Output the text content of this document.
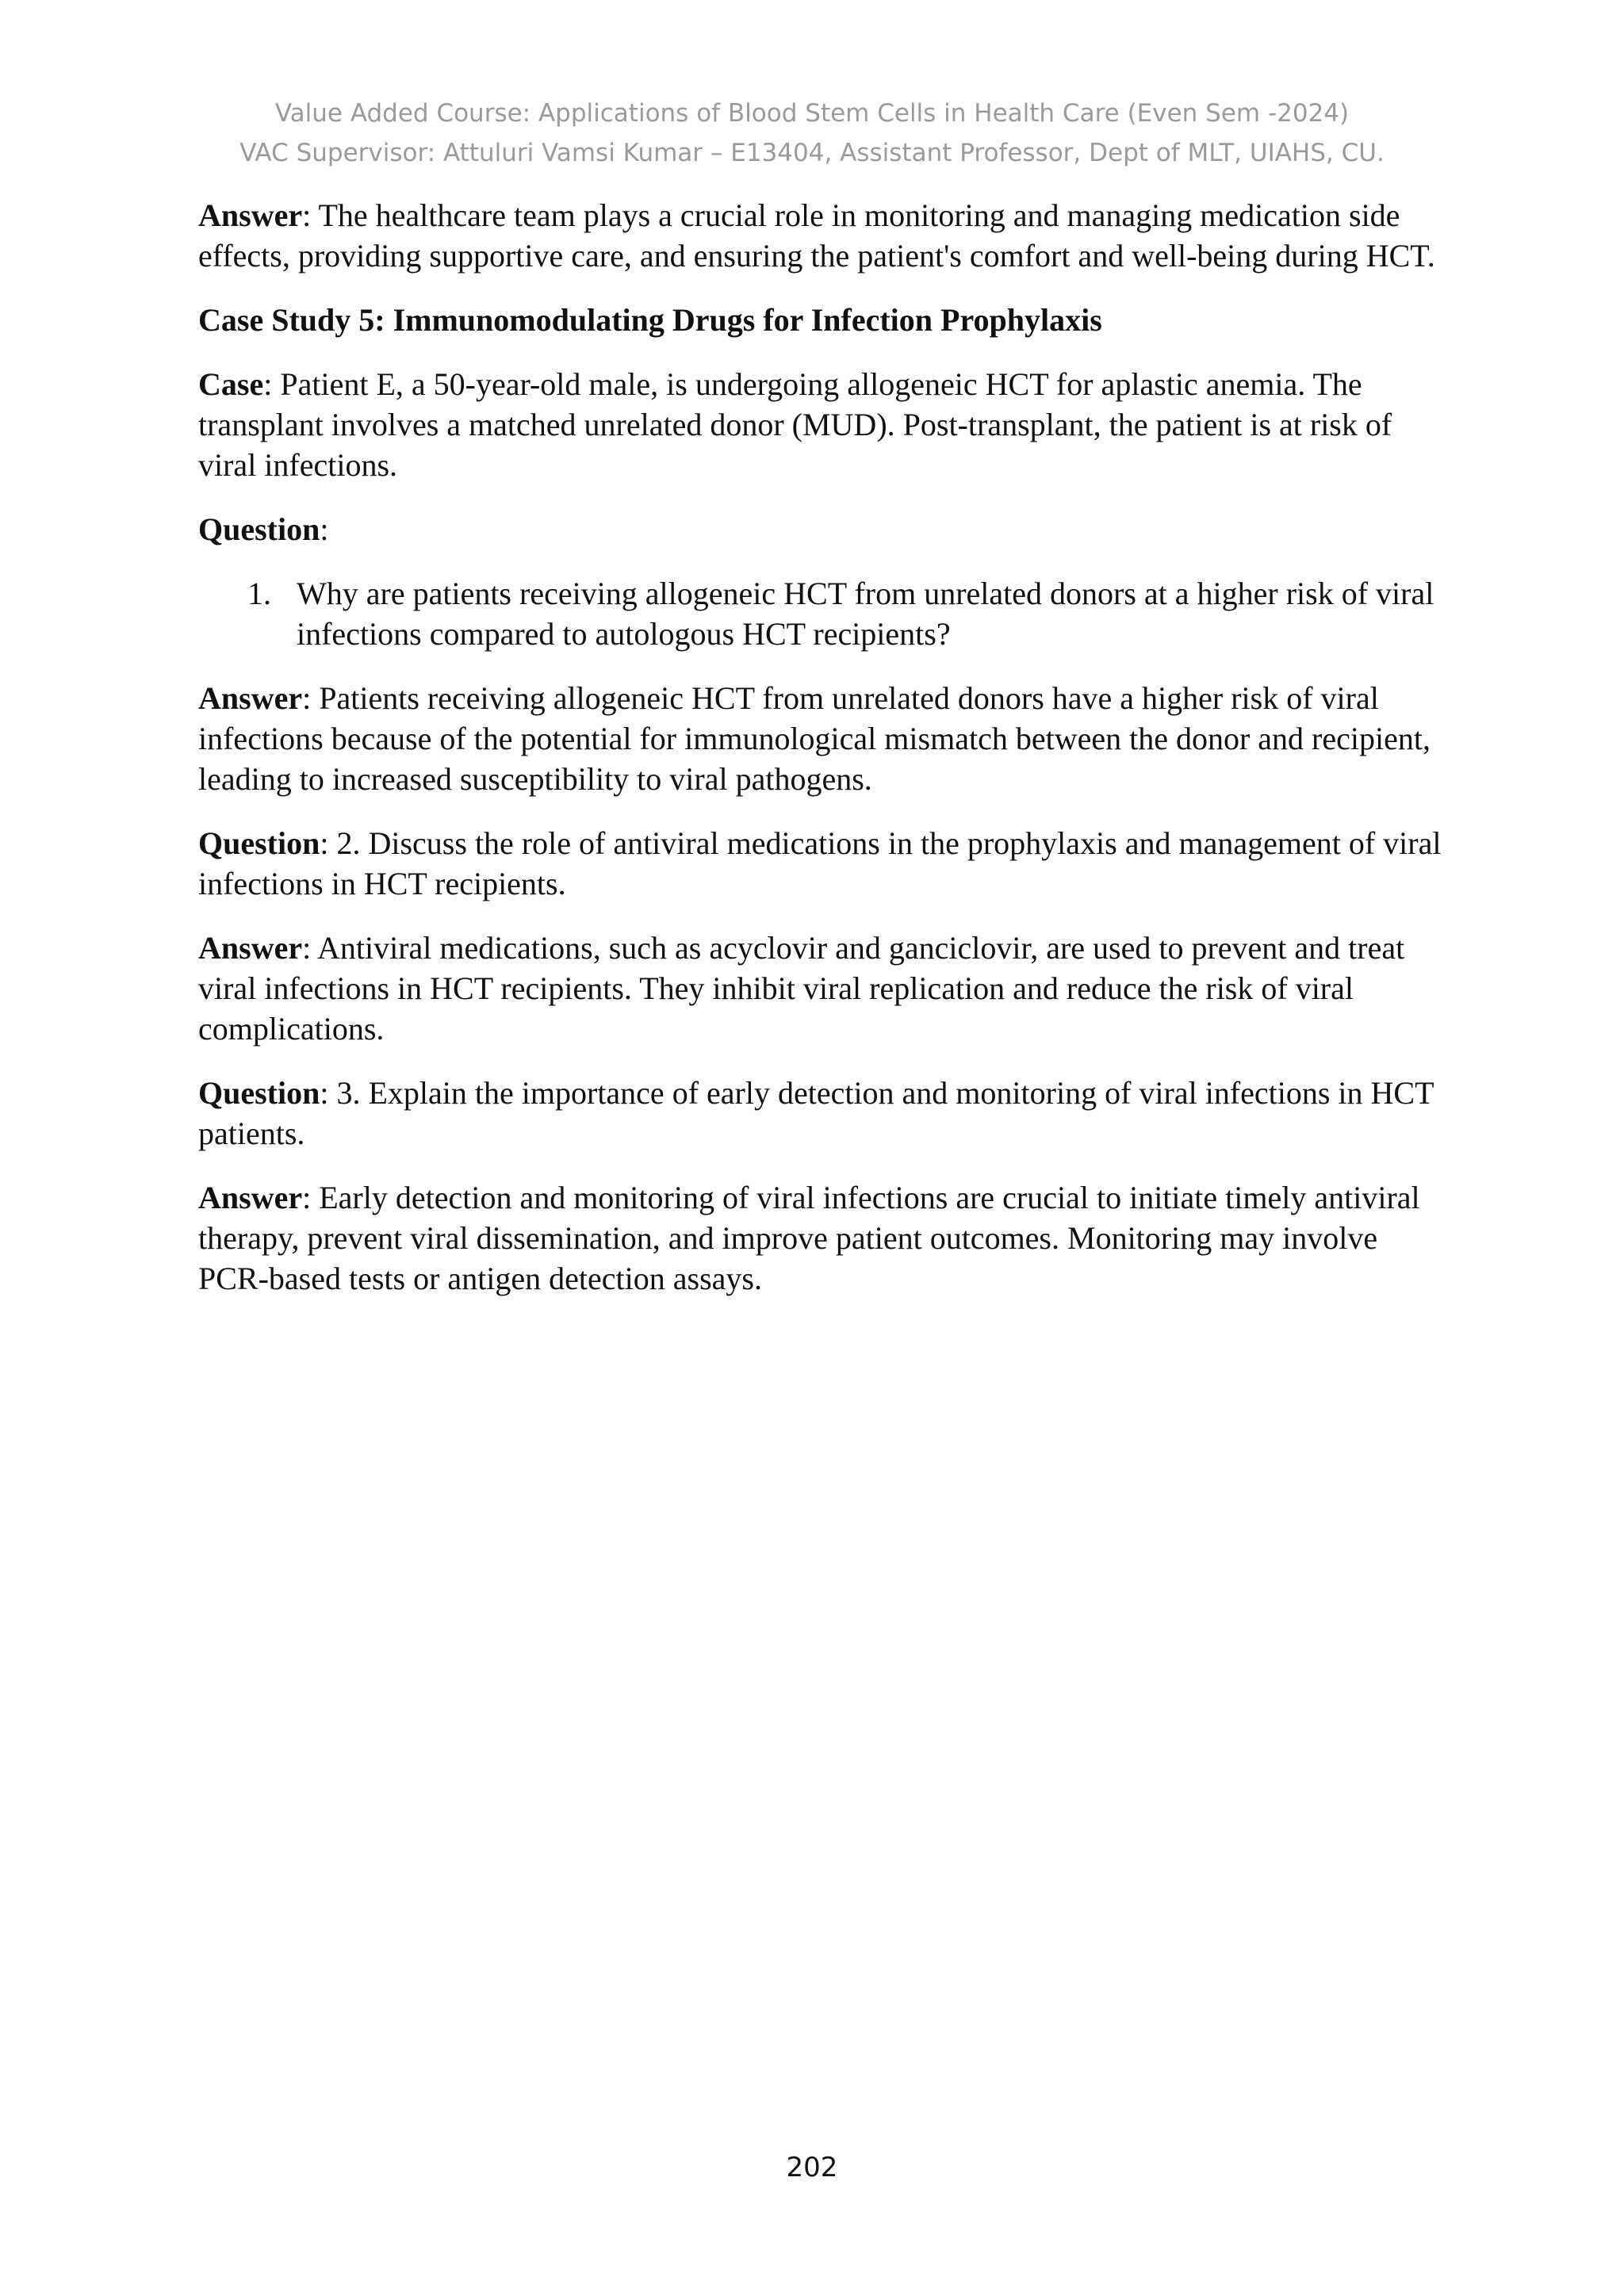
Value Added Course: Applications of Blood Stem Cells in Health Care (Even Sem -2024)
VAC Supervisor: Attuluri Vamsi Kumar – E13404, Assistant Professor, Dept of MLT, UIAHS, CU.

Answer: The healthcare team plays a crucial role in monitoring and managing medication side effects, providing supportive care, and ensuring the patient's comfort and well-being during HCT.

Case Study 5: Immunomodulating Drugs for Infection Prophylaxis

Case: Patient E, a 50-year-old male, is undergoing allogeneic HCT for aplastic anemia. The transplant involves a matched unrelated donor (MUD). Post-transplant, the patient is at risk of viral infections.

Question:

1. Why are patients receiving allogeneic HCT from unrelated donors at a higher risk of viral infections compared to autologous HCT recipients?

Answer: Patients receiving allogeneic HCT from unrelated donors have a higher risk of viral infections because of the potential for immunological mismatch between the donor and recipient, leading to increased susceptibility to viral pathogens.

Question: 2. Discuss the role of antiviral medications in the prophylaxis and management of viral infections in HCT recipients.

Answer: Antiviral medications, such as acyclovir and ganciclovir, are used to prevent and treat viral infections in HCT recipients. They inhibit viral replication and reduce the risk of viral complications.

Question: 3. Explain the importance of early detection and monitoring of viral infections in HCT patients.

Answer: Early detection and monitoring of viral infections are crucial to initiate timely antiviral therapy, prevent viral dissemination, and improve patient outcomes. Monitoring may involve PCR-based tests or antigen detection assays.

202
